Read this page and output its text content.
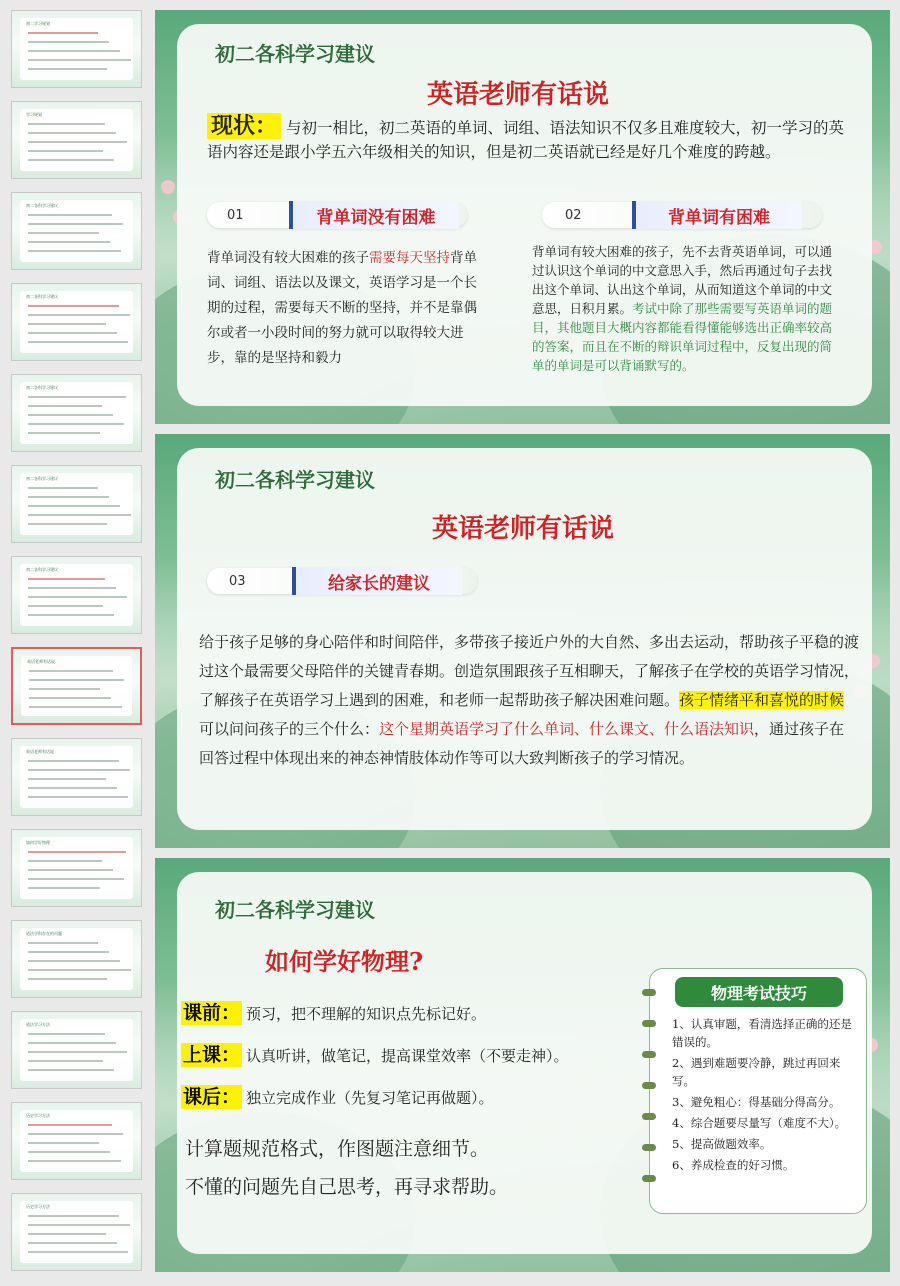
初二学习规划
学习规划
初二各科学习建议
初二各科学习建议
初二各科学习建议
初二各科学习建议
初二各科学习建议
英语老师有话说
英语老师有话说
如何学好物理
道法学科存在的问题
道法学习方法
历史学习方法
历史学习方法
初二各科学习建议
英语老师有话说
现状： 与初一相比，初二英语的单词、词组、语法知识不仅多且难度较大，初一学习的英语内容还是跟小学五六年级相关的知识，但是初二英语就已经是好几个难度的跨越。
01	背单词没有困难	02	背单词有困难
背单词没有较大困难的孩子需要每天坚持背单词、词组、语法以及课文，英语学习是一个长期的过程，需要每天不断的坚持，并不是靠偶尔或者一小段时间的努力就可以取得较大进步，靠的是坚持和毅力
背单词有较大困难的孩子，先不去背英语单词，可以通过认识这个单词的中文意思入手，然后再通过句子去找出这个单词、认出这个单词，从而知道这个单词的中文意思，日积月累。考试中除了那些需要写英语单词的题目，其他题目大概内容都能看得懂能够选出正确率较高的答案，而且在不断的辩识单词过程中，反复出现的简单的单词是可以背诵默写的。
初二各科学习建议
英语老师有话说
03	给家长的建议
给于孩子足够的身心陪伴和时间陪伴，多带孩子接近户外的大自然、多出去运动，帮助孩子平稳的渡过这个最需要父母陪伴的关键青春期。创造氛围跟孩子互相聊天，了解孩子在学校的英语学习情况，了解孩子在英语学习上遇到的困难，和老师一起帮助孩子解决困难问题。孩子情绪平和喜悦的时候可以问问孩子的三个什么：这个星期英语学习了什么单词、什么课文、什么语法知识，通过孩子在回答过程中体现出来的神态神情肢体动作等可以大致判断孩子的学习情况。
初二各科学习建议
如何学好物理?
课前： 预习，把不理解的知识点先标记好。
上课： 认真听讲，做笔记，提高课堂效率（不要走神）。
课后： 独立完成作业（先复习笔记再做题）。
计算题规范格式，作图题注意细节。
不懂的问题先自己思考，再寻求帮助。
物理考试技巧
1、认真审题，看清选择正确的还是错误的。
2、遇到难题要冷静，跳过再回来写。
3、避免粗心：得基础分得高分。
4、综合题要尽量写（难度不大）。
5、提高做题效率。
6、养成检查的好习惯。
